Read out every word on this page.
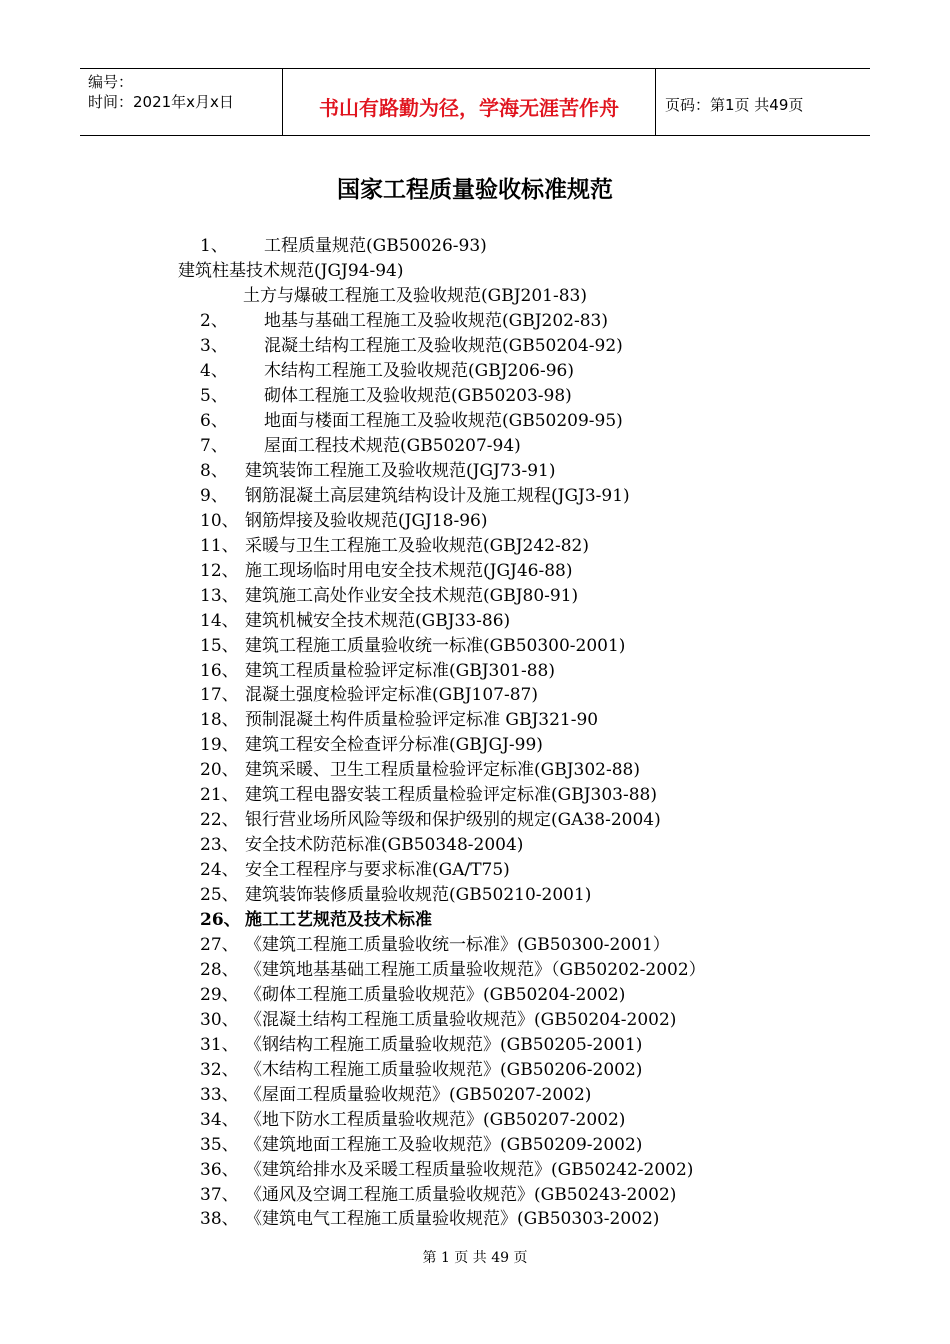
编号：
时间：2021年x月x日	书山有路勤为径，学海无涯苦作舟	页码：第1页 共49页
国家工程质量验收标准规范
1、 工程质量规范(GB50026-93)
建筑柱基技术规范(JGJ94-94)
土方与爆破工程施工及验收规范(GBJ201-83)
2、 地基与基础工程施工及验收规范(GBJ202-83)
3、 混凝土结构工程施工及验收规范(GB50204-92)
4、 木结构工程施工及验收规范(GBJ206-96)
5、 砌体工程施工及验收规范(GB50203-98)
6、 地面与楼面工程施工及验收规范(GB50209-95)
7、 屋面工程技术规范(GB50207-94)
8、 建筑装饰工程施工及验收规范(JGJ73-91)
9、 钢筋混凝土高层建筑结构设计及施工规程(JGJ3-91)
10、 钢筋焊接及验收规范(JGJ18-96)
11、 采暖与卫生工程施工及验收规范(GBJ242-82)
12、 施工现场临时用电安全技术规范(JGJ46-88)
13、 建筑施工高处作业安全技术规范(GBJ80-91)
14、 建筑机械安全技术规范(GBJ33-86)
15、 建筑工程施工质量验收统一标准(GB50300-2001)
16、 建筑工程质量检验评定标准(GBJ301-88)
17、 混凝土强度检验评定标准(GBJ107-87)
18、 预制混凝土构件质量检验评定标准 GBJ321-90
19、 建筑工程安全检查评分标准(GBJGJ-99)
20、 建筑采暖、卫生工程质量检验评定标准(GBJ302-88)
21、 建筑工程电器安装工程质量检验评定标准(GBJ303-88)
22、 银行营业场所风险等级和保护级别的规定(GA38-2004)
23、 安全技术防范标准(GB50348-2004)
24、 安全工程程序与要求标准(GA/T75)
25、 建筑装饰装修质量验收规范(GB50210-2001)
26、 施工工艺规范及技术标准
27、 《建筑工程施工质量验收统一标准》(GB50300-2001）
28、 《建筑地基基础工程施工质量验收规范》（GB50202-2002）
29、 《砌体工程施工质量验收规范》(GB50204-2002)
30、 《混凝土结构工程施工质量验收规范》(GB50204-2002)
31、 《钢结构工程施工质量验收规范》(GB50205-2001)
32、 《木结构工程施工质量验收规范》(GB50206-2002)
33、 《屋面工程质量验收规范》(GB50207-2002)
34、 《地下防水工程质量验收规范》(GB50207-2002)
35、 《建筑地面工程施工及验收规范》(GB50209-2002)
36、 《建筑给排水及采暖工程质量验收规范》(GB50242-2002)
37、 《通风及空调工程施工质量验收规范》(GB50243-2002)
38、 《建筑电气工程施工质量验收规范》(GB50303-2002)
第 1 页 共 49 页
